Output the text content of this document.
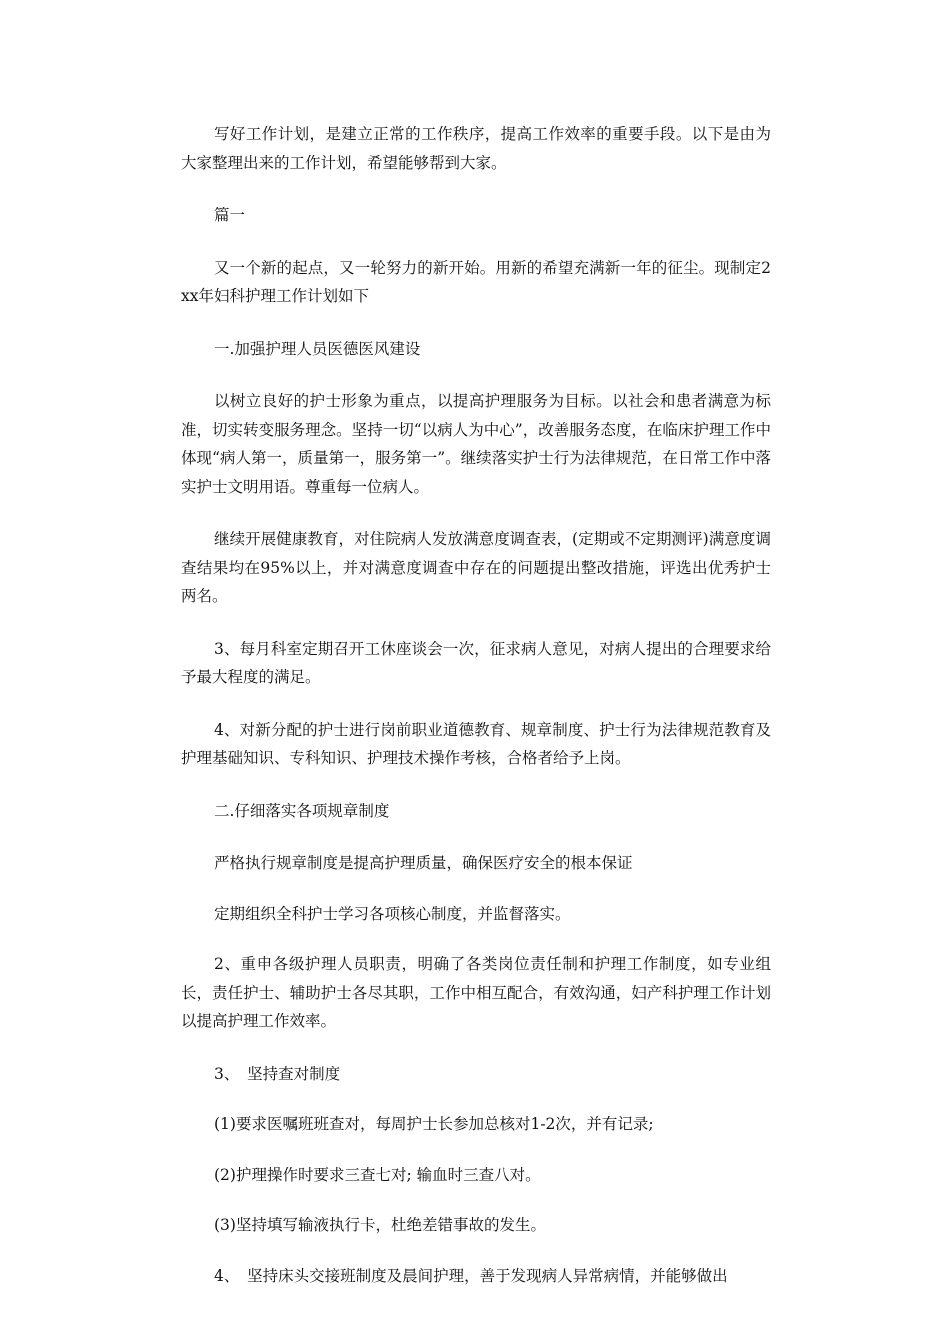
写好工作计划，是建立正常的工作秩序，提高工作效率的重要手段。以下是由为大家整理出来的工作计划，希望能够帮到大家。

篇一

又一个新的起点，又一轮努力的新开始。用新的希望充满新一年的征尘。现制定2xx年妇科护理工作计划如下

一.加强护理人员医德医风建设

以树立良好的护士形象为重点，以提高护理服务为目标。以社会和患者满意为标准，切实转变服务理念。坚持一切“以病人为中心”，改善服务态度，在临床护理工作中体现“病人第一，质量第一，服务第一”。继续落实护士行为法律规范，在日常工作中落实护士文明用语。尊重每一位病人。

继续开展健康教育，对住院病人发放满意度调查表，(定期或不定期测评)满意度调查结果均在95%以上，并对满意度调查中存在的问题提出整改措施，评选出优秀护士两名。

3、每月科室定期召开工休座谈会一次，征求病人意见，对病人提出的合理要求给予最大程度的满足。

4、对新分配的护士进行岗前职业道德教育、规章制度、护士行为法律规范教育及护理基础知识、专科知识、护理技术操作考核，合格者给予上岗。

二.仔细落实各项规章制度

严格执行规章制度是提高护理质量，确保医疗安全的根本保证

定期组织全科护士学习各项核心制度，并监督落实。

2、重申各级护理人员职责，明确了各类岗位责任制和护理工作制度，如专业组长，责任护士、辅助护士各尽其职，工作中相互配合，有效沟通，妇产科护理工作计划以提高护理工作效率。

3、　坚持查对制度

(1)要求医嘱班班查对，每周护士长参加总核对1-2次，并有记录;

(2)护理操作时要求三查七对; 输血时三查八对。

(3)坚持填写输液执行卡，杜绝差错事故的发生。

4、　坚持床头交接班制度及晨间护理，善于发现病人异常病情，并能够做出
